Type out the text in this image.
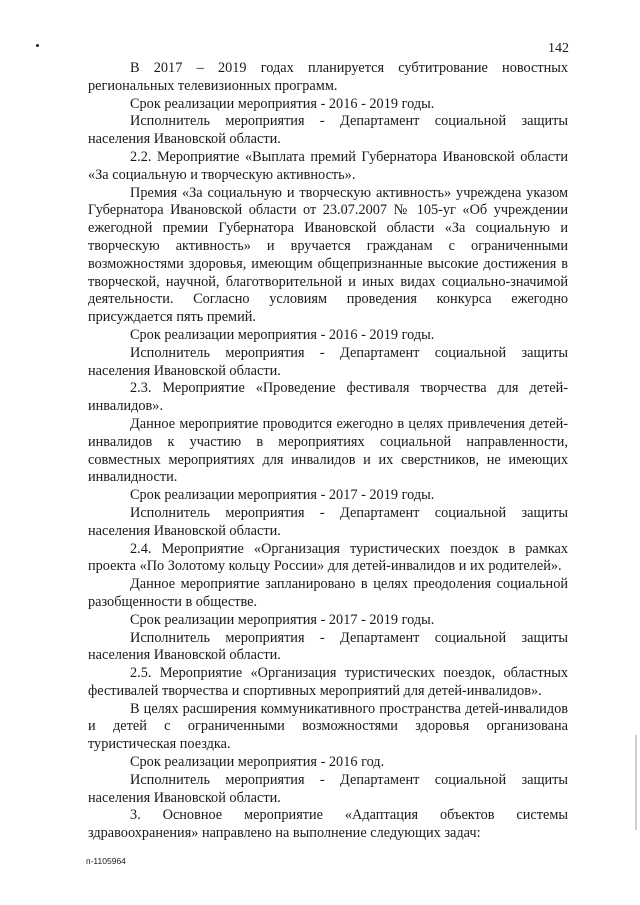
142

В 2017 – 2019 годах планируется субтитрование новостных региональных телевизионных программ.

Срок реализации мероприятия - 2016 - 2019 годы.

Исполнитель мероприятия - Департамент социальной защиты населения Ивановской области.

2.2. Мероприятие «Выплата премий Губернатора Ивановской области «За социальную и творческую активность».

Премия «За социальную и творческую активность» учреждена указом Губернатора Ивановской области от 23.07.2007 № 105-уг «Об учреждении ежегодной премии Губернатора Ивановской области «За социальную и творческую активность» и вручается гражданам с ограниченными возможностями здоровья, имеющим общепризнанные высокие достижения в творческой, научной, благотворительной и иных видах социально-значимой деятельности. Согласно условиям проведения конкурса ежегодно присуждается пять премий.

Срок реализации мероприятия - 2016 - 2019 годы.

Исполнитель мероприятия - Департамент социальной защиты населения Ивановской области.

2.3. Мероприятие «Проведение фестиваля творчества для детей-инвалидов».

Данное мероприятие проводится ежегодно в целях привлечения детей-инвалидов к участию в мероприятиях социальной направленности, совместных мероприятиях для инвалидов и их сверстников, не имеющих инвалидности.

Срок реализации мероприятия - 2017 - 2019 годы.

Исполнитель мероприятия - Департамент социальной защиты населения Ивановской области.

2.4. Мероприятие «Организация туристических поездок в рамках проекта «По Золотому кольцу России» для детей-инвалидов и их родителей».

Данное мероприятие запланировано в целях преодоления социальной разобщенности в обществе.

Срок реализации мероприятия - 2017 - 2019 годы.

Исполнитель мероприятия - Департамент социальной защиты населения Ивановской области.

2.5. Мероприятие «Организация туристических поездок, областных фестивалей творчества и спортивных мероприятий для детей-инвалидов».

В целях расширения коммуникативного пространства детей-инвалидов и детей с ограниченными возможностями здоровья организована туристическая поездка.

Срок реализации мероприятия - 2016 год.

Исполнитель мероприятия - Департамент социальной защиты населения Ивановской области.

3. Основное мероприятие «Адаптация объектов системы здравоохранения» направлено на выполнение следующих задач:

п-1105964
